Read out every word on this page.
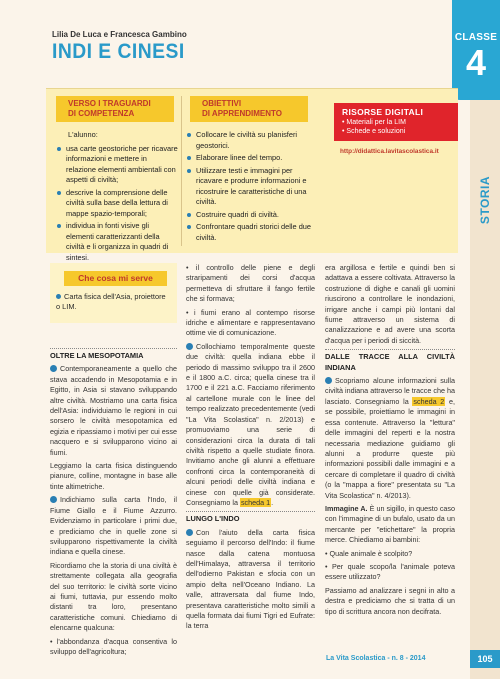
Lilia De Luca e Francesca Gambino
INDI E CINESI
CLASSE
4
STORIA
VERSO I TRAGUARDI
DI COMPETENZA
OBIETTIVI
DI APPRENDIMENTO
L'alunno:
usa carte geostoriche per ricavare informazioni e mettere in relazione elementi ambientali con aspetti di civiltà;
descrive la comprensione delle civiltà sulla base della lettura di mappe spazio-temporali;
individua in fonti visive gli elementi caratterizzanti della civiltà e li organizza in quadri di sintesi.
Collocare le civiltà su planisferi geostorici.
Elaborare linee del tempo.
Utilizzare testi e immagini per ricavare e produrre informazioni e ricostruire le caratteristiche di una civiltà.
Costruire quadri di civiltà.
Confrontare quadri storici delle due civiltà.
RISORSE DIGITALI
• Materiali per la LIM
• Schede e soluzioni
http://didattica.lavitascolastica.it
Che cosa mi serve
Carta fisica dell'Asia, proiettore o LIM.
OLTRE LA MESOPOTAMIA

Contemporaneamente a quello che stava accadendo in Mesopotamia e in Egitto, in Asia si stavano sviluppando altre civiltà. Mostriamo una carta fisica dell'Asia: individuiamo le regioni in cui sorsero le civiltà mesopotamica ed egizia e ripassiamo i motivi per cui esse nacquero e si svilupparono vicino ai fiumi.

Leggiamo la carta fisica distinguendo pianure, colline, montagne in base alle tinte altimetriche.

Indichiamo sulla carta l'Indo, il Fiume Giallo e il Fiume Azzurro. Evidenziamo in particolare i primi due, e prediciamo che in quelle zone si svilupparono rispettivamente la civiltà indiana e quella cinese.

Ricordiamo che la storia di una civiltà è strettamente collegata alla geografia del suo territorio: le civiltà sorte vicino ai fiumi, tuttavia, pur essendo molto distanti tra loro, presentano caratteristiche comuni. Chiediamo di elencarne qualcuna:

• l'abbondanza d'acqua consentiva lo sviluppo dell'agricoltura;

• il controllo delle piene e degli straripamenti dei corsi d'acqua permetteva di sfruttare il fango fertile che si formava;

• i fiumi erano al contempo risorse idriche e alimentare e rappresentavano ottime vie di comunicazione.

Collochiamo temporalmente queste due civiltà: quella indiana ebbe il periodo di massimo sviluppo tra il 2600 e il 1800 a.C. circa; quella cinese tra il 1700 e il 221 a.C. Facciamo riferimento al cartellone murale con le linee del tempo realizzato precedentemente (vedi "La Vita Scolastica" n. 2/2013) e promuoviamo una serie di considerazioni circa la durata di tali civiltà rispetto a quelle studiate finora. Invitiamo anche gli alunni a effettuare confronti circa la contemporaneità di alcuni periodi delle civiltà indiana e cinese con quelle già considerate. Consegniamo la scheda 1.

LUNGO L'INDO

Con l'aiuto della carta fisica seguiamo il percorso dell'Indo: il fiume nasce dalla catena montuosa dell'Himalaya, attraversa il territorio dell'odierno Pakistan e sfocia con un ampio delta nell'Oceano Indiano. La valle, attraversata dal fiume Indo, presentava caratteristiche molto simili a quella formata dai fiumi Tigri ed Eufrate: la terra

era argillosa e fertile e quindi ben si adattava a essere coltivata. Attraverso la costruzione di dighe e canali gli uomini riuscirono a controllare le inondazioni, irrigare anche i campi più lontani dal fiume attraverso un sistema di canalizzazione e ad avere una scorta d'acqua per i periodi di siccità.

DALLE TRACCE ALLA CIVILTÀ INDIANA

Scopriamo alcune informazioni sulla civiltà indiana attraverso le tracce che ha lasciato. Consegniamo la scheda 2 e, se possibile, proiettiamo le immagini in essa contenute. Attraverso la "lettura" delle immagini del reperti e la nostra necessaria mediazione guidiamo gli alunni a produrre queste più informazioni possibili dalle immagini e a cercare di completare il quadro di civiltà (o la "mappa a fiore" presentata su "La Vita Scolastica" n. 4/2013).

Immagine A. È un sigillo, in questo caso con l'immagine di un bufalo, usato da un mercante per "etichettare" la propria merce. Chiediamo ai bambini:

• Quale animale è scolpito?

• Per quale scopo/la l'animale poteva essere utilizzato?

Passiamo ad analizzare i segni in alto a destra e prediciamo che si tratta di un tipo di scrittura ancora non decifrata.

La Vita Scolastica - n. 8 - 2014	105
